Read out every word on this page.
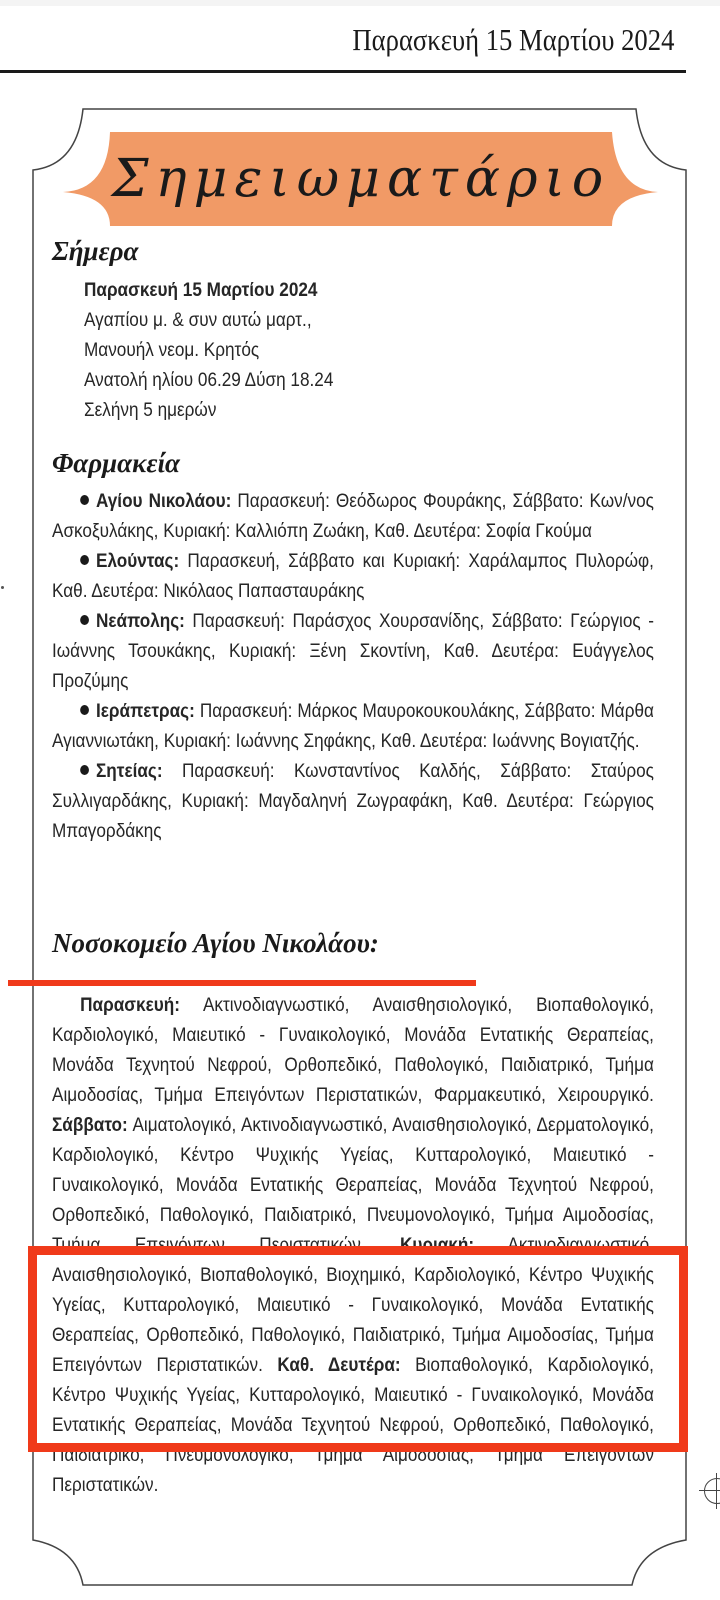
Παρασκευή 15 Μαρτίου 2024
Σημειωματάριο
Σήμερα
Παρασκευή 15 Μαρτίου 2024
Αγαπίου μ. & συν αυτώ μαρτ.,
Μανουήλ νεομ. Κρητός
Ανατολή ηλίου 06.29 Δύση 18.24
Σελήνη 5 ημερών
Φαρμακεία

Αγίου Νικολάου: Παρασκευή: Θεόδωρος Φουράκης, Σάββατο: Κων/νος Ασκοξυλάκης, Κυριακή: Καλλιόπη Ζωάκη, Καθ. Δευτέρα: Σοφία Γκούμα

Ελούντας: Παρασκευή, Σάββατο και Κυριακή: Χαράλαμπος Πυλορώφ, Καθ. Δευτέρα: Νικόλαος Παπασταυράκης

Νεάπολης: Παρασκευή: Παράσχος Χουρσανίδης, Σάββατο: Γεώργιος - Ιωάννης Τσουκάκης, Κυριακή: Ξένη Σκοντίνη, Καθ. Δευτέρα: Ευάγγελος Προζύμης

Ιεράπετρας: Παρασκευή: Μάρκος Μαυροκουκουλάκης, Σάββατο: Μάρθα Αγιαννιωτάκη, Κυριακή: Ιωάννης Σηφάκης, Καθ. Δευτέρα: Ιωάννης Βογιατζής.

Σητείας: Παρασκευή: Κωνσταντίνος Καλδής, Σάββατο: Σταύρος Συλλιγαρδάκης, Κυριακή: Μαγδαληνή Ζωγραφάκη, Καθ. Δευτέρα: Γεώργιος Μπαγορδάκης

Νοσοκομείο Αγίου Νικολάου:

Παρασκευή: Ακτινοδιαγνωστικό, Αναισθησιολογικό, Βιοπαθολογικό, Καρδιολογικό, Μαιευτικό - Γυναικολογικό, Μονάδα Εντατικής Θεραπείας, Μονάδα Τεχνητού Νεφρού, Ορθοπεδικό, Παθολογικό, Παιδιατρικό, Τμήμα Αιμοδοσίας, Τμήμα Επειγόντων Περιστατικών, Φαρμακευτικό, Χειρουργικό. Σάββατο: Αιματολογικό, Ακτινοδιαγνωστικό, Αναισθησιολογικό, Δερματολογικό, Καρδιολογικό, Κέντρο Ψυχικής Υγείας, Κυτταρολογικό, Μαιευτικό - Γυναικολογικό, Μονάδα Εντατικής Θεραπείας, Μονάδα Τεχνητού Νεφρού, Ορθοπεδικό, Παθολογικό, Παιδιατρικό, Πνευμονολογικό, Τμήμα Αιμοδοσίας, Τμήμα Επειγόντων Περιστατικών. Κυριακή: Ακτινοδιαγνωστικό, Αναισθησιολογικό, Βιοπαθολογικό, Βιοχημικό, Καρδιολογικό, Κέντρο Ψυχικής Υγείας, Κυτταρολογικό, Μαιευτικό - Γυναικολογικό, Μονάδα Εντατικής Θεραπείας, Ορθοπεδικό, Παθολογικό, Παιδιατρικό, Τμήμα Αιμοδοσίας, Τμήμα Επειγόντων Περιστατικών. Καθ. Δευτέρα: Βιοπαθολογικό, Καρδιολογικό, Κέντρο Ψυχικής Υγείας, Κυτταρολογικό, Μαιευτικό - Γυναικολογικό, Μονάδα Εντατικής Θεραπείας, Μονάδα Τεχνητού Νεφρού, Ορθοπεδικό, Παθολογικό, Παιδιατρικό, Πνευμονολογικό, Τμήμα Αιμοδοσίας, Τμήμα Επειγόντων Περιστατικών.
